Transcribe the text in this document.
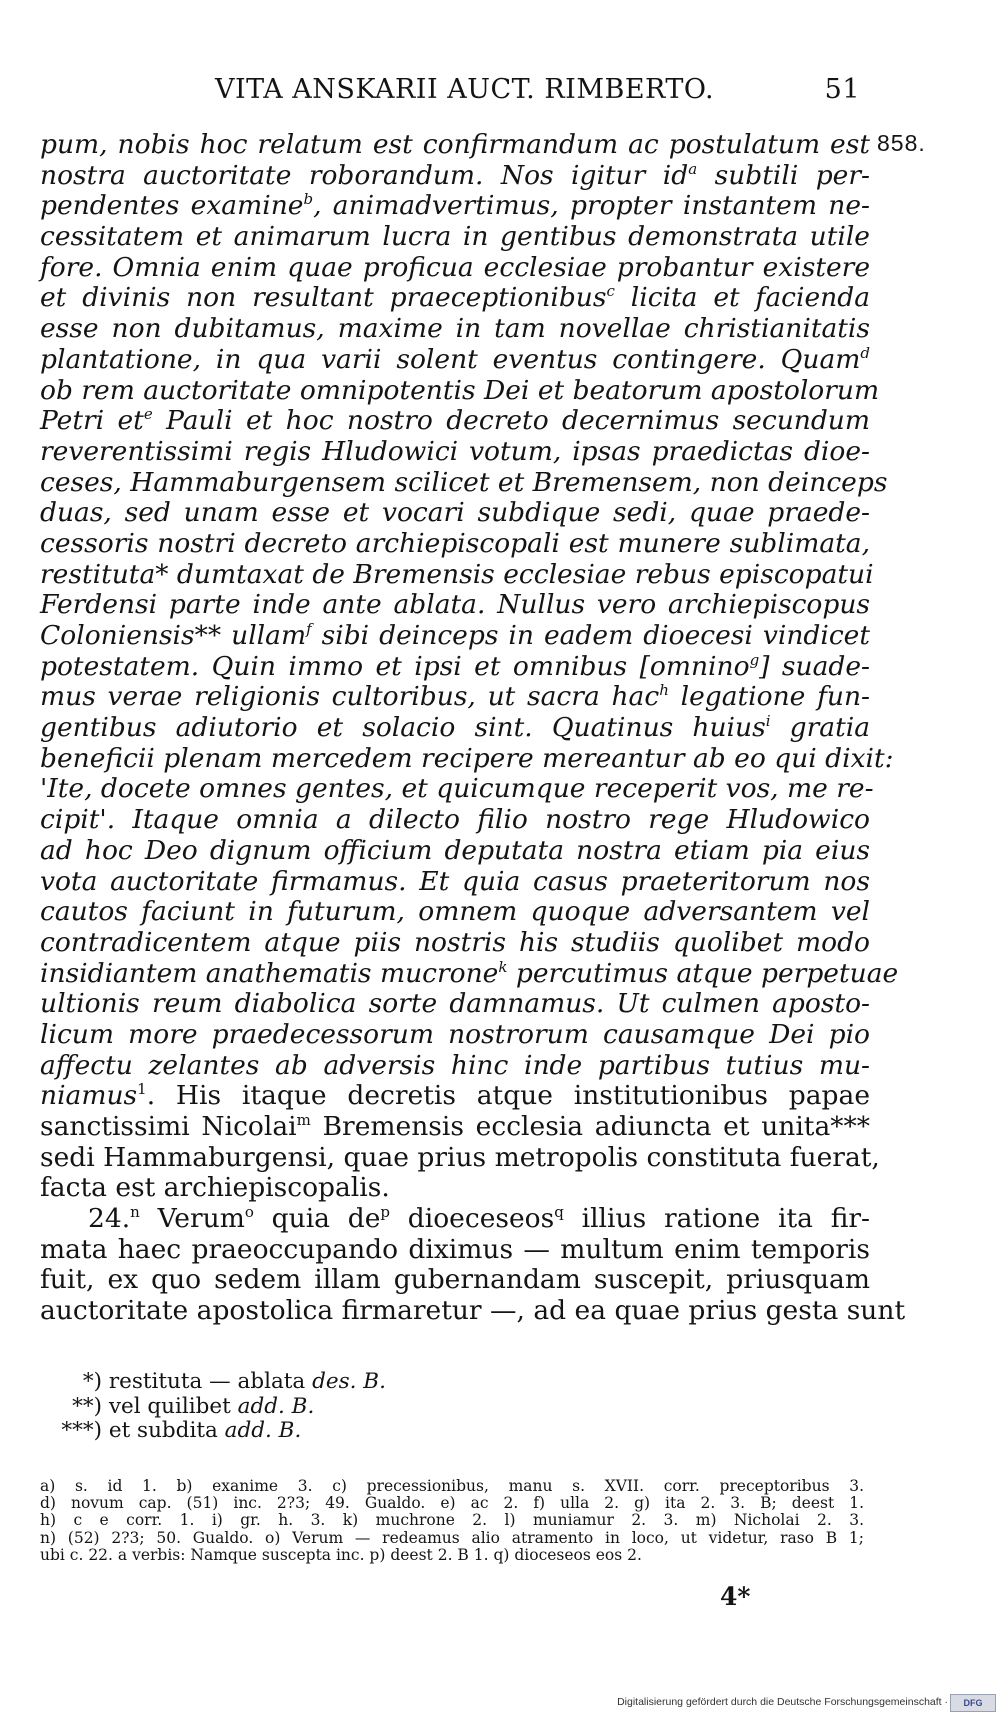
VITA ANSKARII AUCT. RIMBERTO.	51
858.
pum, nobis hoc relatum est confirmandum ac postulatum est
nostra auctoritate roborandum. Nos igitur $id^a$ subtili per-
pendentes examine$^b$, animadvertimus, propter instantem ne-
cessitatem et animarum lucra in gentibus demonstrata utile
fore. Omnia enim quae proficua ecclesiae probantur existere
et divinis non resultant praeceptionibus$^c$ licita et facienda
esse non dubitamus, maxime in tam novellae christianitatis
plantatione, in qua varii solent eventus contingere. Quam$^d$
ob rem auctoritate omnipotentis Dei et beatorum apostolorum
Petri $et^e$ Pauli et hoc nostro decreto decernimus secundum
reverentissimi regis Hludowici votum, ipsas praedictas dioe-
ceses, Hammaburgensem scilicet et Bremensem, non deinceps
duas, sed unam esse et vocari subdique sedi, quae praede-
cessoris nostri decreto archiepiscopali est munere sublimata,
restituta* dumtaxat de Bremensis ecclesiae rebus episcopatui
Ferdensi parte inde ante ablata. Nullus vero archiepiscopus
Coloniensis** ullam$^f$ sibi deinceps in eadem dioecesi vindicet
potestatem. Quin immo et ipsi et omnibus [omnino$^g$] suade-
mus verae religionis cultoribus, ut sacra hac$^h$ legatione fun-
gentibus adiutorio et solacio sint. Quatinus huius$^i$ gratia
beneficii plenam mercedem recipere mereantur ab eo qui dixit:
'Ite, docete omnes gentes, et quicumque receperit vos, me re-
cipit'. Itaque omnia a dilecto filio nostro rege Hludowico
ad hoc Deo dignum officium deputata nostra etiam pia eius
vota auctoritate firmamus. Et quia casus praeteritorum nos
cautos faciunt in futurum, omnem quoque adversantem vel
contradicentem atque piis nostris his studiis quolibet modo
insidiantem anathematis mucrone$^k$ percutimus atque perpetuae
ultionis reum diabolica sorte damnamus. Ut culmen aposto-
licum more praedecessorum nostrorum causamque Dei pio
affectu zelantes ab adversis hinc inde partibus tutius mu-
niamus$^1$. His itaque decretis atque institutionibus papae
sanctissimi Nicolai$^m$ Bremensis ecclesia adiuncta et unita***
sedi Hammaburgensi, quae prius metropolis constituta fuerat,
facta est archiepiscopalis.
24.$^n$ Verum$^o$ quia $de^p$ dioeceseos$^q$ illius ratione ita fir-
mata haec praeoccupando diximus — multum enim temporis
fuit, ex quo sedem illam gubernandam suscepit, priusquam
auctoritate apostolica firmaretur —, ad ea quae prius gesta sunt
*) restituta — ablata des. B.
**) vel quilibet add. B.
***) et subdita add. B.
a) s. id 1. b) exanime 3. c) precessionibus, manu s. XVII. corr. preceptoribus 3.
d) novum cap. (51) inc. 2?3; 49. Gualdo. e) ac 2. f) ulla 2. g) ita 2. 3. B; deest 1.
h) c e corr. 1. i) gr. h. 3. k) muchrone 2. l) muniamur 2. 3. m) Nicholai 2. 3.
n) (52) 2?3; 50. Gualdo. o) Verum — redeamus alio atramento in loco, ut videtur, raso B 1;
ubi c. 22. a verbis: Namque suscepta inc. p) deest 2. B 1. q) dioceseos eos 2.
4*
Digitalisierung gefördert durch die Deutsche Forschungsgemeinschaft ·	DFG
